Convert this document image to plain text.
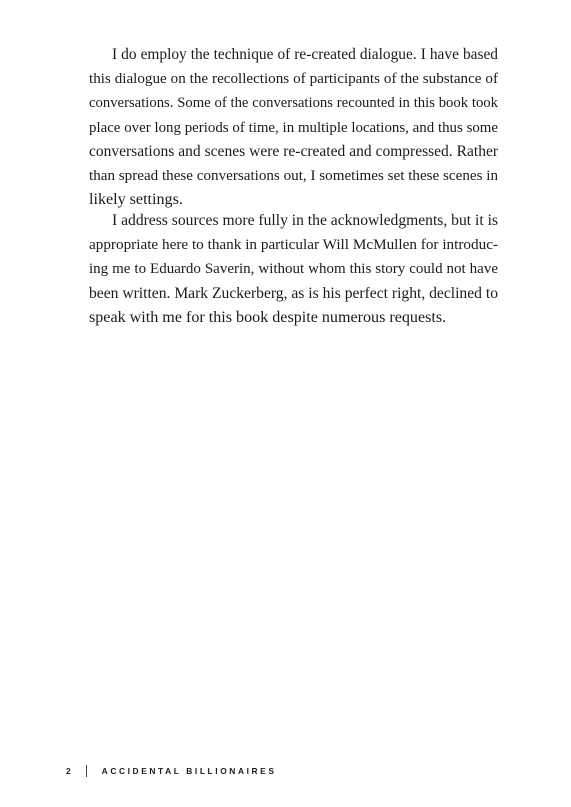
I do employ the technique of re-created dialogue. I have based
this dialogue on the recollections of participants of the substance of
conversations. Some of the conversations recounted in this book took
place over long periods of time, in multiple locations, and thus some
conversations and scenes were re-created and compressed. Rather
than spread these conversations out, I sometimes set these scenes in
likely settings.
I address sources more fully in the acknowledgments, but it is
appropriate here to thank in particular Will McMullen for introduc-
ing me to Eduardo Saverin, without whom this story could not have
been written. Mark Zuckerberg, as is his perfect right, declined to
speak with me for this book despite numerous requests.
2	ACCIDENTAL BILLIONAIRES
